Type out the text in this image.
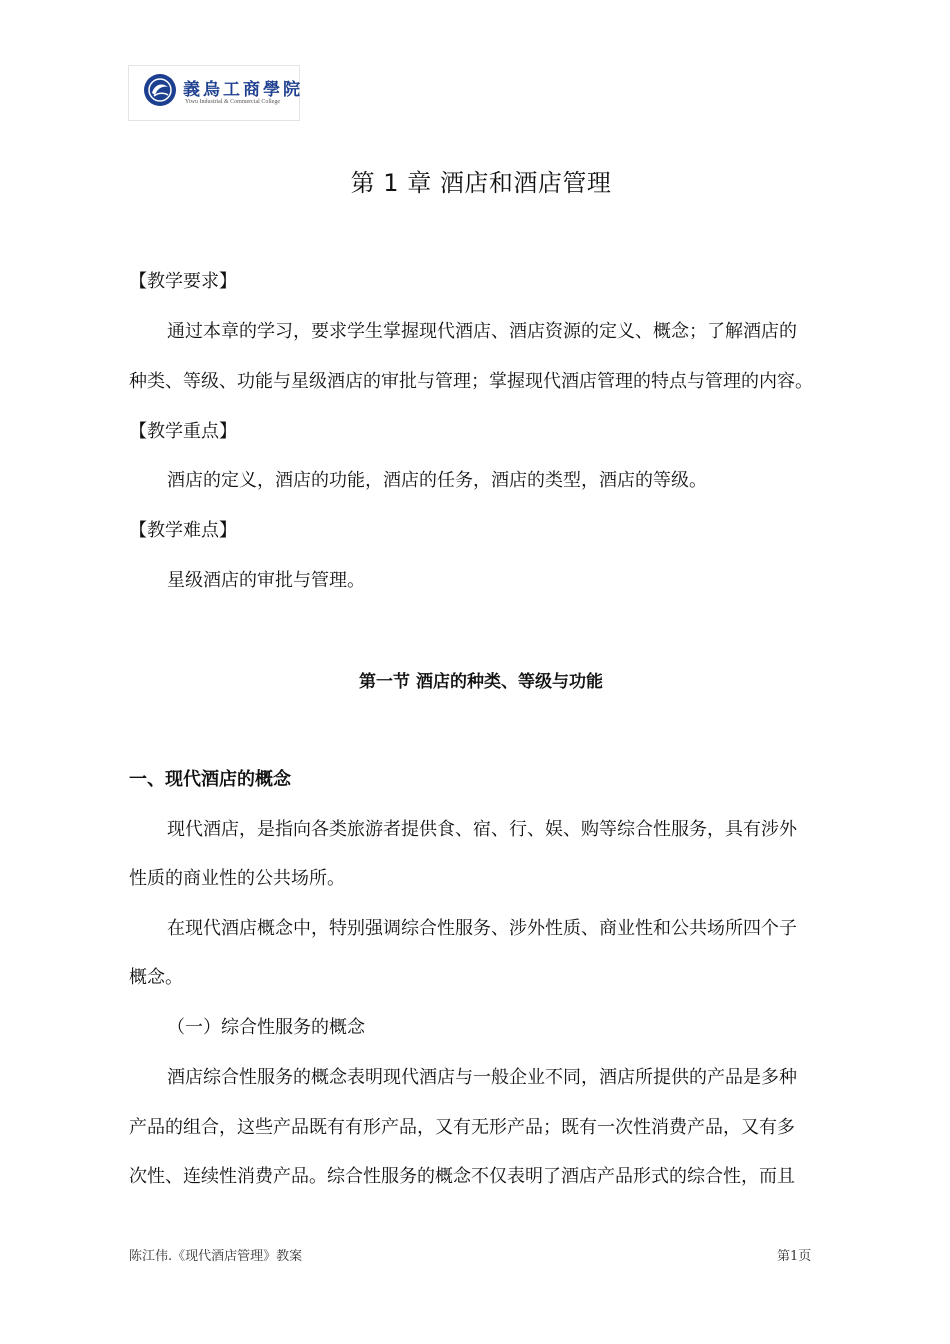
義烏工商學院
Yiwu Industrial & Commercial College
第 1 章 酒店和酒店管理
【教学要求】
通过本章的学习，要求学生掌握现代酒店、酒店资源的定义、概念；了解酒店的
种类、等级、功能与星级酒店的审批与管理；掌握现代酒店管理的特点与管理的内容。
【教学重点】
酒店的定义，酒店的功能，酒店的任务，酒店的类型，酒店的等级。
【教学难点】
星级酒店的审批与管理。
第一节 酒店的种类、等级与功能
一、现代酒店的概念
现代酒店，是指向各类旅游者提供食、宿、行、娱、购等综合性服务，具有涉外
性质的商业性的公共场所。
在现代酒店概念中，特别强调综合性服务、涉外性质、商业性和公共场所四个子
概念。
（一）综合性服务的概念
酒店综合性服务的概念表明现代酒店与一般企业不同，酒店所提供的产品是多种
产品的组合，这些产品既有有形产品，又有无形产品；既有一次性消费产品，又有多
次性、连续性消费产品。综合性服务的概念不仅表明了酒店产品形式的综合性，而且
陈江伟.《现代酒店管理》教案	第1页
